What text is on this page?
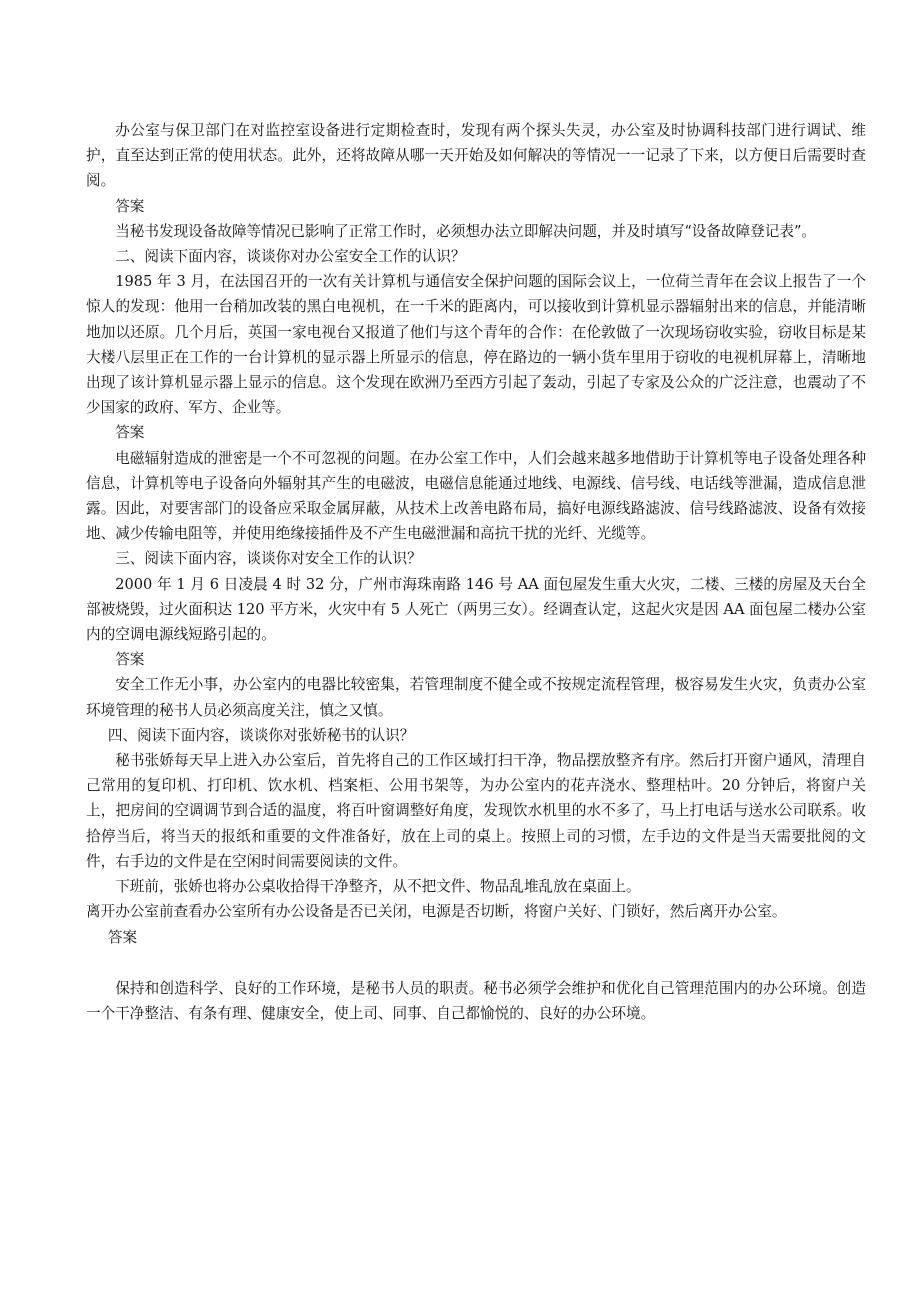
办公室与保卫部门在对监控室设备进行定期检查时，发现有两个探头失灵，办公室及时协调科技部门进行调试、维护，直至达到正常的使用状态。此外，还将故障从哪一天开始及如何解决的等情况一一记录了下来，以方便日后需要时查阅。

答案

当秘书发现设备故障等情况已影响了正常工作时，必须想办法立即解决问题，并及时填写“设备故障登记表”。

二、阅读下面内容，谈谈你对办公室安全工作的认识？

1985 年 3 月，在法国召开的一次有关计算机与通信安全保护问题的国际会议上，一位荷兰青年在会议上报告了一个惊人的发现：他用一台稍加改装的黑白电视机，在一千米的距离内，可以接收到计算机显示器辐射出来的信息，并能清晰地加以还原。几个月后，英国一家电视台又报道了他们与这个青年的合作：在伦敦做了一次现场窃收实验，窃收目标是某大楼八层里正在工作的一台计算机的显示器上所显示的信息，停在路边的一辆小货车里用于窃收的电视机屏幕上，清晰地出现了该计算机显示器上显示的信息。这个发现在欧洲乃至西方引起了轰动，引起了专家及公众的广泛注意，也震动了不少国家的政府、军方、企业等。

答案

电磁辐射造成的泄密是一个不可忽视的问题。在办公室工作中，人们会越来越多地借助于计算机等电子设备处理各种信息，计算机等电子设备向外辐射其产生的电磁波，电磁信息能通过地线、电源线、信号线、电话线等泄漏，造成信息泄露。因此，对要害部门的设备应采取金属屏蔽，从技术上改善电路布局，搞好电源线路滤波、信号线路滤波、设备有效接地、减少传输电阻等，并使用绝缘接插件及不产生电磁泄漏和高抗干扰的光纤、光缆等。

三、阅读下面内容，谈谈你对安全工作的认识？

2000 年 1 月 6 日凌晨 4 时 32 分，广州市海珠南路 146 号 AA 面包屋发生重大火灾，二楼、三楼的房屋及天台全部被烧毁，过火面积达 120 平方米，火灾中有 5 人死亡（两男三女）。经调查认定，这起火灾是因 AA 面包屋二楼办公室内的空调电源线短路引起的。

答案

安全工作无小事，办公室内的电器比较密集，若管理制度不健全或不按规定流程管理，极容易发生火灾，负责办公室环境管理的秘书人员必须高度关注，慎之又慎。

四、阅读下面内容，谈谈你对张娇秘书的认识？

秘书张娇每天早上进入办公室后，首先将自己的工作区域打扫干净，物品摆放整齐有序。然后打开窗户通风，清理自己常用的复印机、打印机、饮水机、档案柜、公用书架等，为办公室内的花卉浇水、整理枯叶。20 分钟后，将窗户关上，把房间的空调调节到合适的温度，将百叶窗调整好角度，发现饮水机里的水不多了，马上打电话与送水公司联系。收拾停当后，将当天的报纸和重要的文件准备好，放在上司的桌上。按照上司的习惯，左手边的文件是当天需要批阅的文件，右手边的文件是在空闲时间需要阅读的文件。

下班前，张娇也将办公桌收拾得干净整齐，从不把文件、物品乱堆乱放在桌面上。

离开办公室前查看办公室所有办公设备是否已关闭，电源是否切断，将窗户关好、门锁好，然后离开办公室。

答案

保持和创造科学、良好的工作环境，是秘书人员的职责。秘书必须学会维护和优化自己管理范围内的办公环境。创造一个干净整洁、有条有理、健康安全，使上司、同事、自己都愉悦的、良好的办公环境。
